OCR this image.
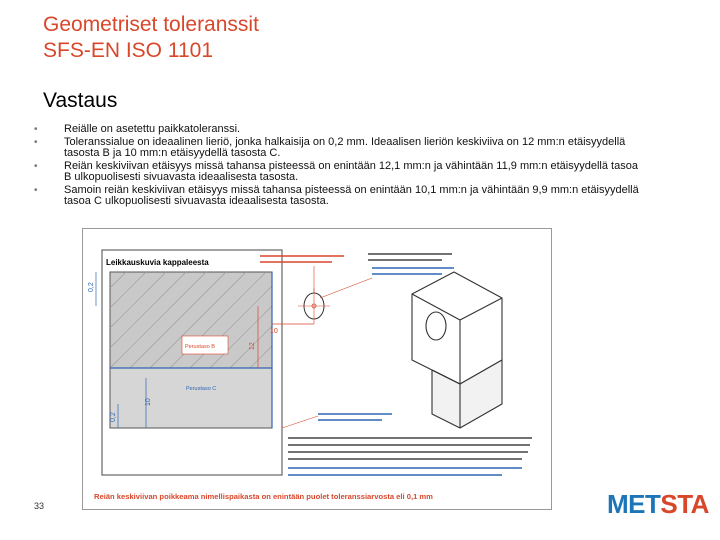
Geometriset toleranssit
SFS-EN ISO 1101
Vastaus
• Reiälle on asetettu paikkatoleranssi.
• Toleranssialue on ideaalinen lieriö, jonka halkaisija on 0,2 mm. Ideaalisen lieriön keskiviiva on 12 mm:n etäisyydellä tasosta B ja 10 mm:n etäisyydellä tasosta C.
• Reiän keskiviivan etäisyys missä tahansa pisteessä on enintään 12,1 mm:n ja vähintään 11,9 mm:n etäisyydellä tasoa B ulkopuolisesti sivuavasta ideaalisesta tasosta.
• Samoin reiän keskiviivan etäisyys missä tahansa pisteessä on enintään 10,1 mm:n ja vähintään 9,9 mm:n etäisyydellä tasoa C ulkopuolisesti sivuavasta ideaalisesta tasosta.
Leikkauskuvia kappaleesta
0,2
10
12
Perustaso B
Perustaso C
10
0,2
Reiän keskiviivan poikkeama nimellispaikasta on enintään puolet toleranssiarvosta eli 0,1 mm
33	METSTA
